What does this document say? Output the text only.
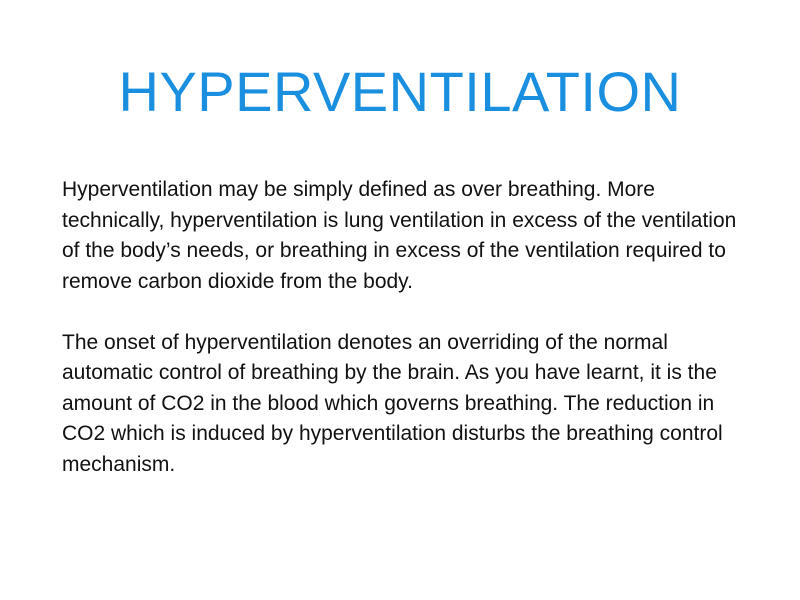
HYPERVENTILATION

Hyperventilation may be simply defined as over breathing. More technically, hyperventilation is lung ventilation in excess of the ventilation of the body’s needs, or breathing in excess of the ventilation required to remove carbon dioxide from the body.

The onset of hyperventilation denotes an overriding of the normal automatic control of breathing by the brain. As you have learnt, it is the amount of CO2 in the blood which governs breathing. The reduction in CO2 which is induced by hyperventilation disturbs the breathing control mechanism.
